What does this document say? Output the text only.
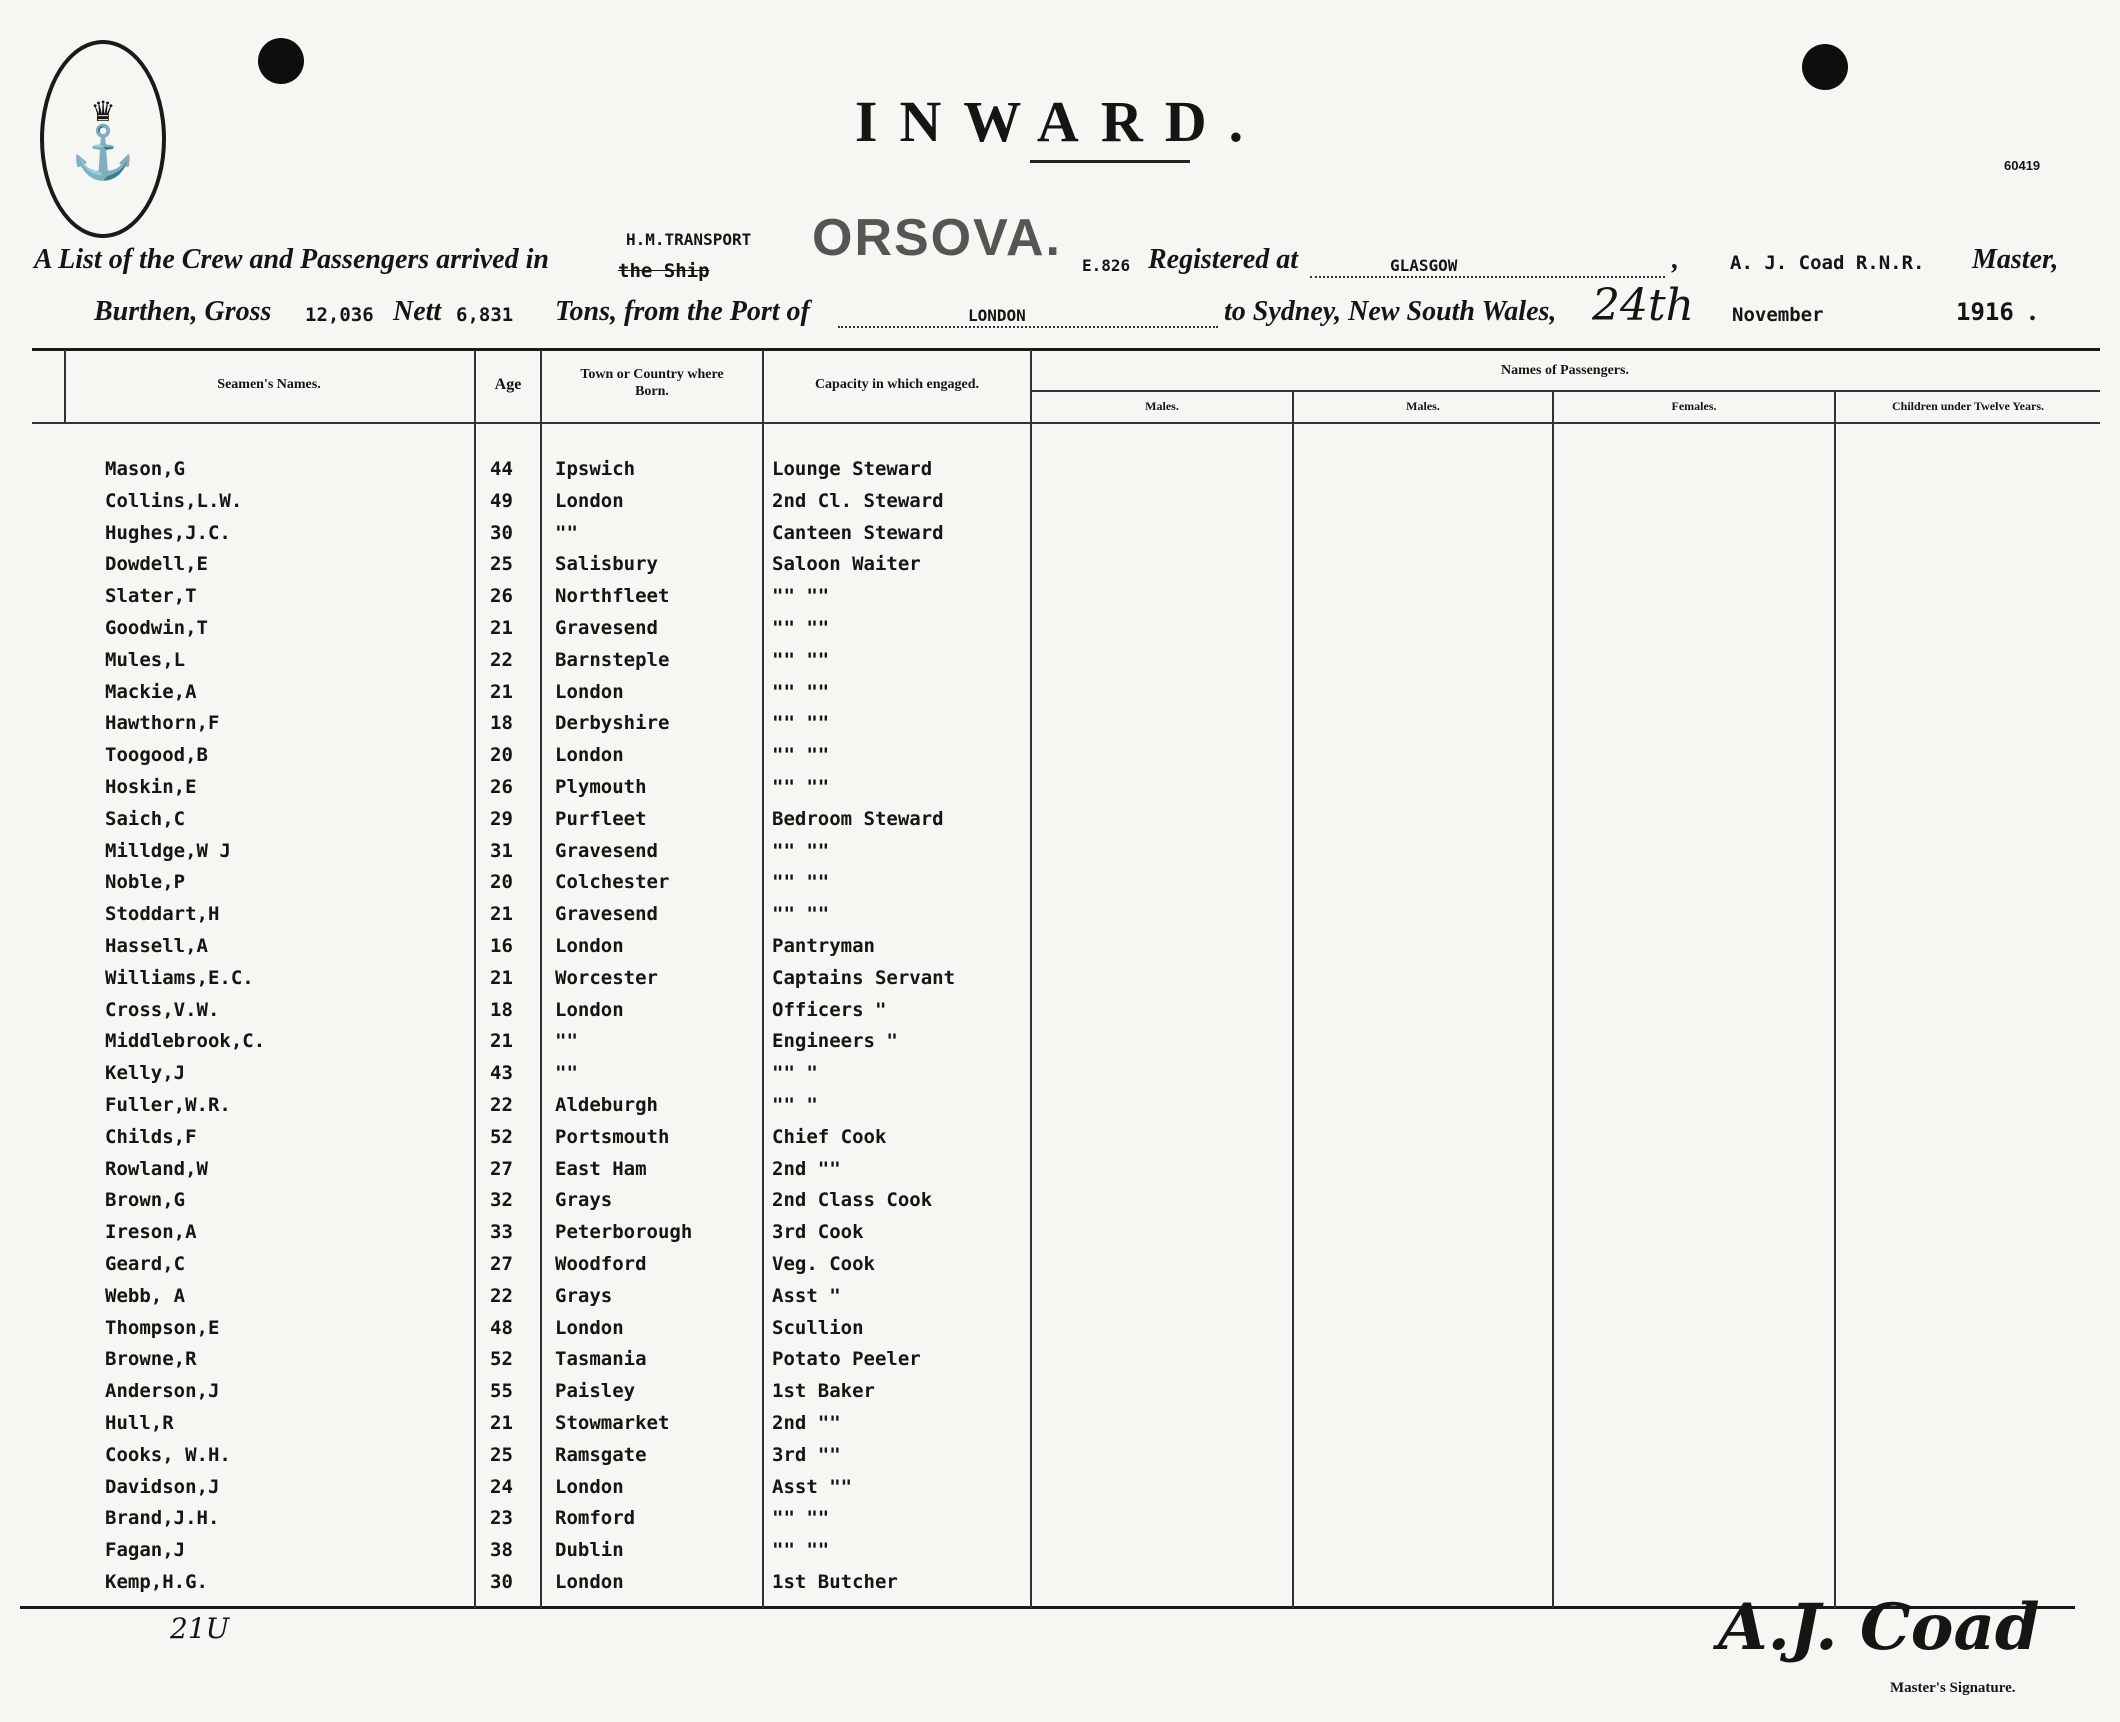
♛
⚓	INWARD.
60419
A List of the Crew and Passengers arrived in	the Ship
H.M.TRANSPORT ORSOVA. E.826 Registered at	GLASGOW	,	A. J. Coad R.N.R. Master,
Burthen, Gross 12,036 Nett 6,831 Tons, from the Port of	LONDON	to Sydney, New South Wales, 24th November	1916 .
Seamen's Names.	Age
Town or Country where Born.	Capacity in which engaged.
Names of Passengers.
Males.	Males.	Females.	Children under Twelve Years.
Mason,G	44 Ipswich	Lounge Steward
Collins,L.W.	49 London	2nd Cl. Steward
Hughes,J.C.	30 ""	Canteen Steward
Dowdell,E	25 Salisbury	Saloon Waiter
Slater,T	26 Northfleet	"" ""
Goodwin,T	21 Gravesend	"" ""
Mules,L	22 Barnsteple	"" ""
Mackie,A	21 London	"" ""
Hawthorn,F	18 Derbyshire	"" ""
Toogood,B	20 London	"" ""
Hoskin,E	26 Plymouth	"" ""
Saich,C	29 Purfleet	Bedroom Steward
Milldge,W J	31 Gravesend	"" ""
Noble,P	20 Colchester	"" ""
Stoddart,H	21 Gravesend	"" ""
Hassell,A	16 London	Pantryman
Williams,E.C.	21 Worcester	Captains Servant
Cross,V.W.	18 London	Officers "
Middlebrook,C.	21 ""	Engineers "
Kelly,J	43 ""	"" "
Fuller,W.R.	22 Aldeburgh	"" "
Childs,F	52 Portsmouth	Chief Cook
Rowland,W	27 East Ham	2nd ""
Brown,G	32 Grays	2nd Class Cook
Ireson,A	33 Peterborough	3rd Cook
Geard,C	27 Woodford	Veg. Cook
Webb, A	22 Grays	Asst "
Thompson,E	48 London	Scullion
Browne,R	52 Tasmania	Potato Peeler
Anderson,J	55 Paisley	1st Baker
Hull,R	21 Stowmarket	2nd ""
Cooks, W.H.	25 Ramsgate	3rd ""
Davidson,J	24 London	Asst ""
Brand,J.H.	23 Romford	"" ""
Fagan,J	38 Dublin	"" ""
Kemp,H.G.	30 London	1st Butcher
21U	A.J. Coad
Master's Signature.
